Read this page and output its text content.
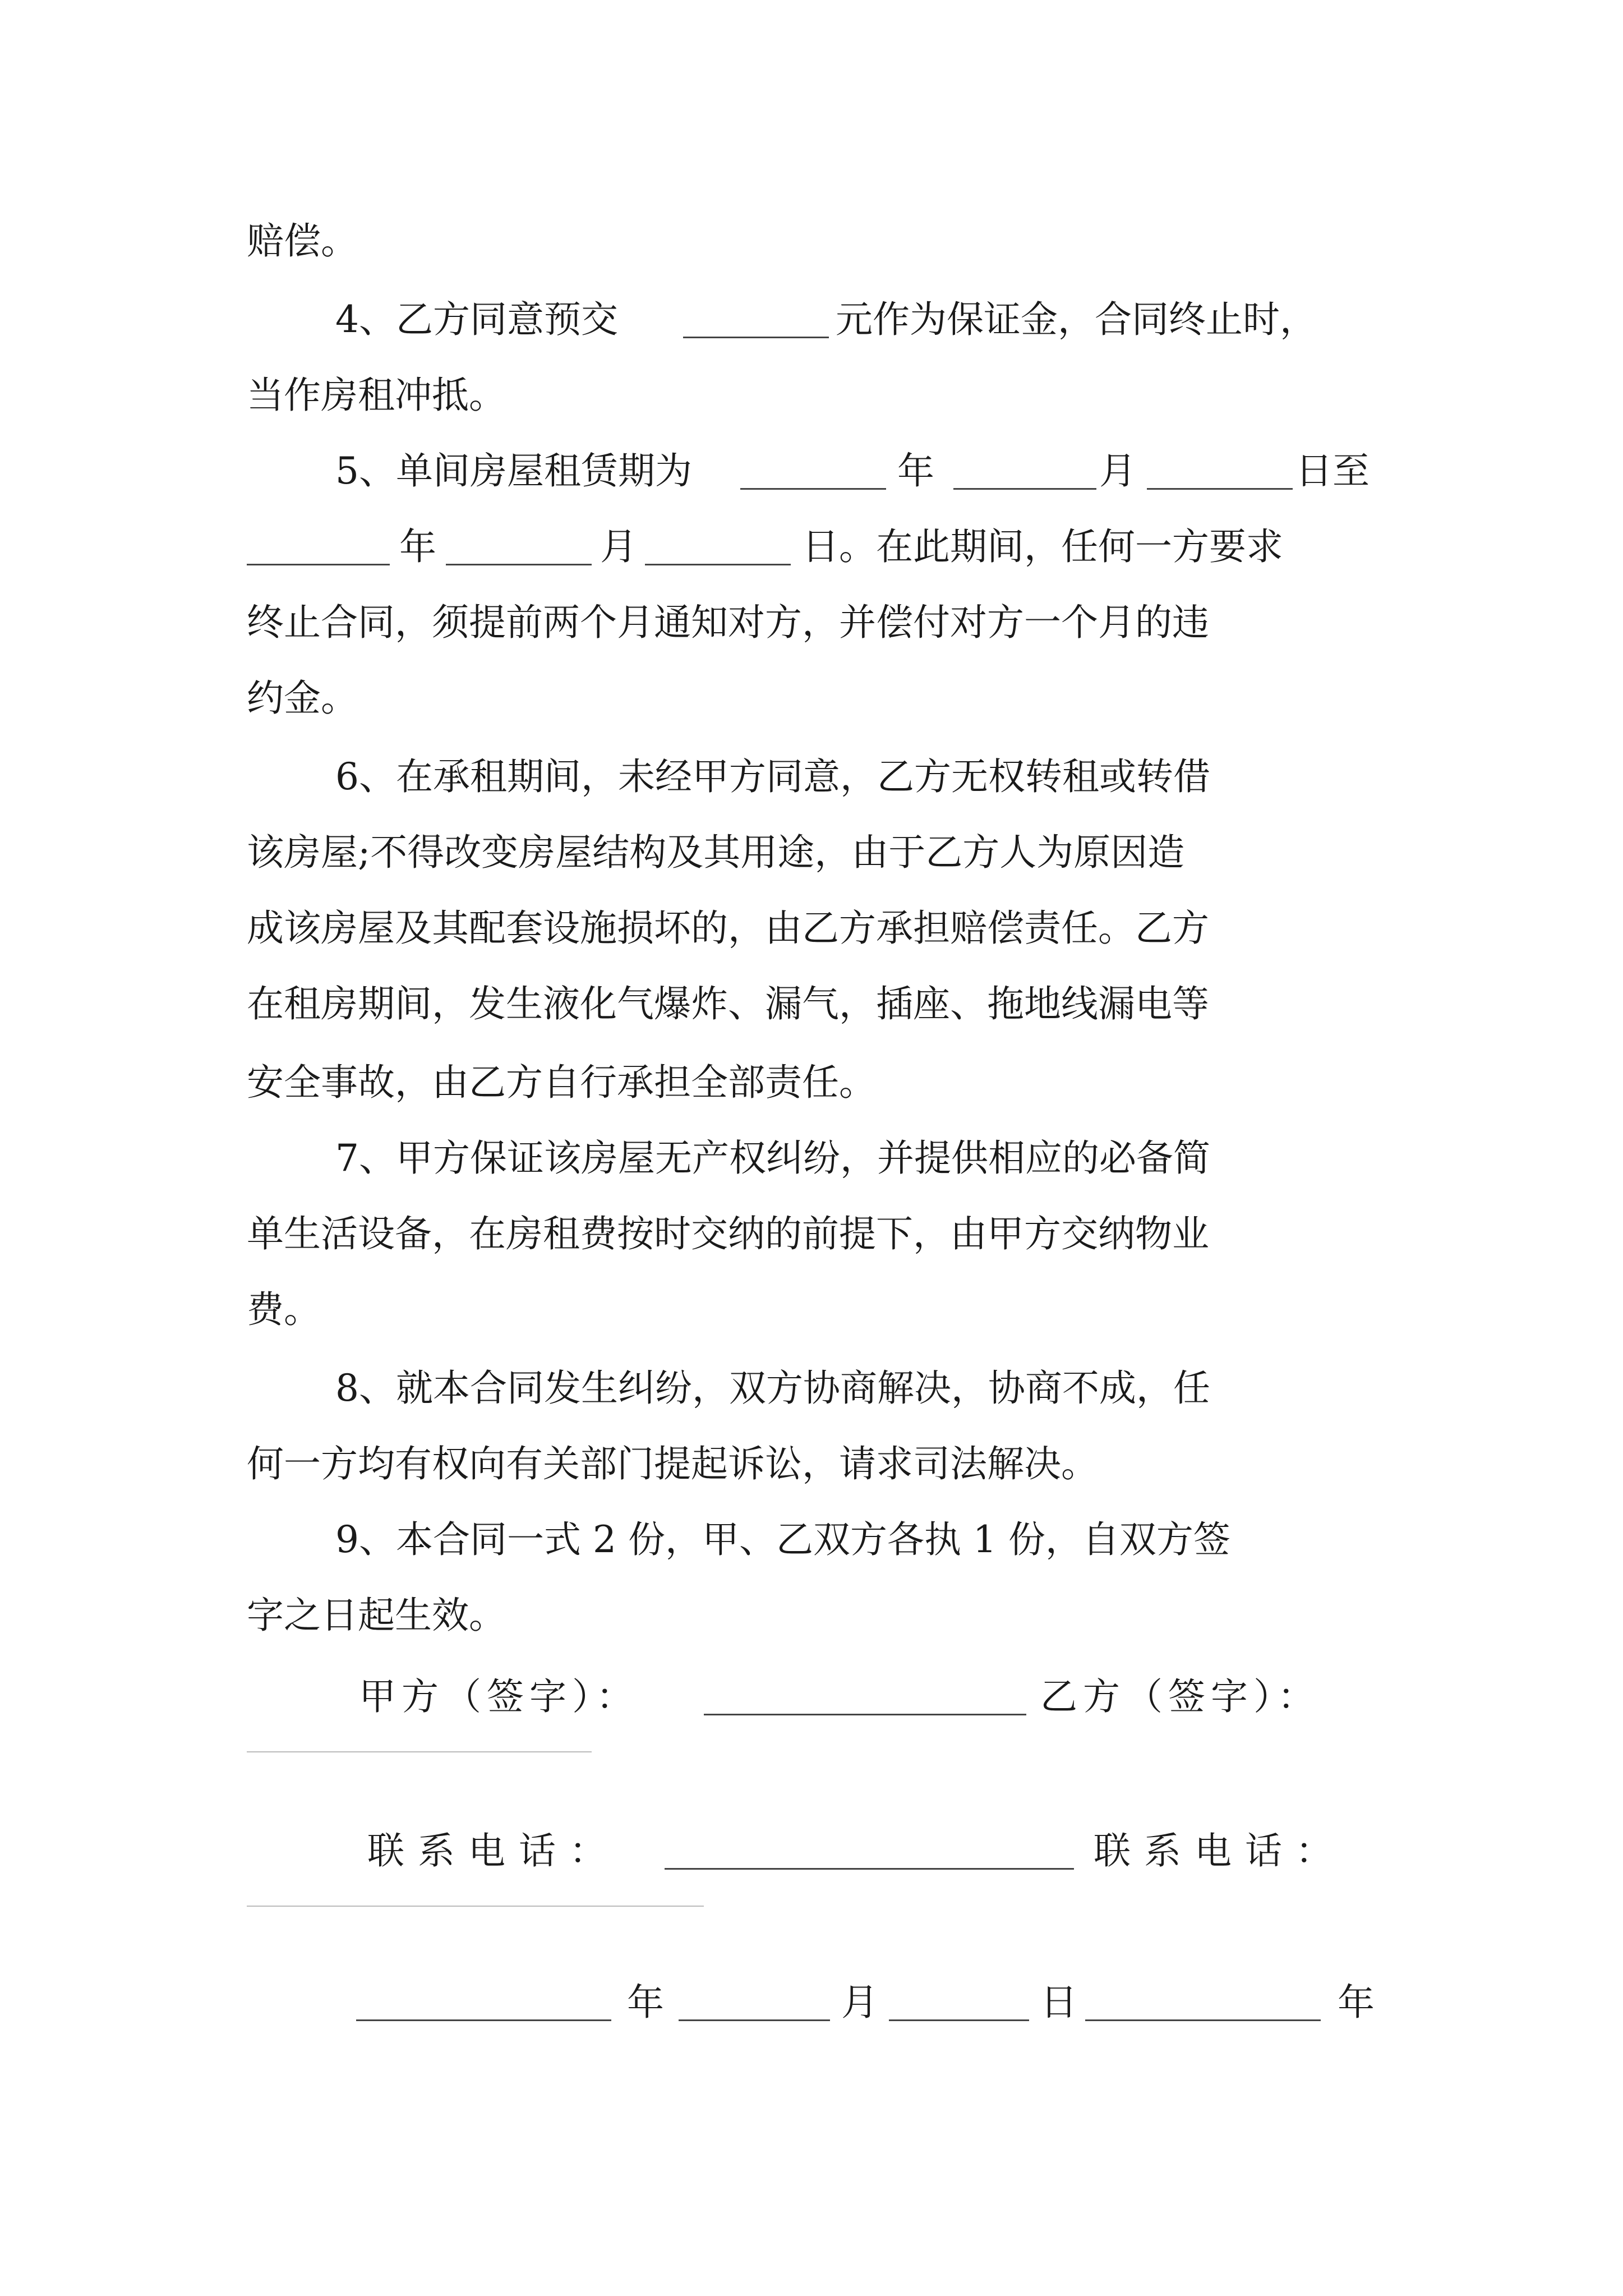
赔偿。
4、乙方同意预交	元作为保证金，合同终止时，
当作房租冲抵。
5、单间房屋租赁期为	年	月	日至
年	月	日。在此期间，任何一方要求
终止合同，须提前两个月通知对方，并偿付对方一个月的违
约金。
6、在承租期间，未经甲方同意，乙方无权转租或转借
该房屋;不得改变房屋结构及其用途，由于乙方人为原因造
成该房屋及其配套设施损坏的，由乙方承担赔偿责任。乙方
在租房期间，发生液化气爆炸、漏气，插座、拖地线漏电等
安全事故，由乙方自行承担全部责任。
7、甲方保证该房屋无产权纠纷，并提供相应的必备简
单生活设备，在房租费按时交纳的前提下，由甲方交纳物业
费。
8、就本合同发生纠纷，双方协商解决，协商不成，任
何一方均有权向有关部门提起诉讼，请求司法解决。
9、本合同一式 2 份，甲、乙双方各执 1 份，自双方签
字之日起生效。
甲方（签字）：	乙方（签字）：
联系电话：	联系电话：
年	月	日	年
